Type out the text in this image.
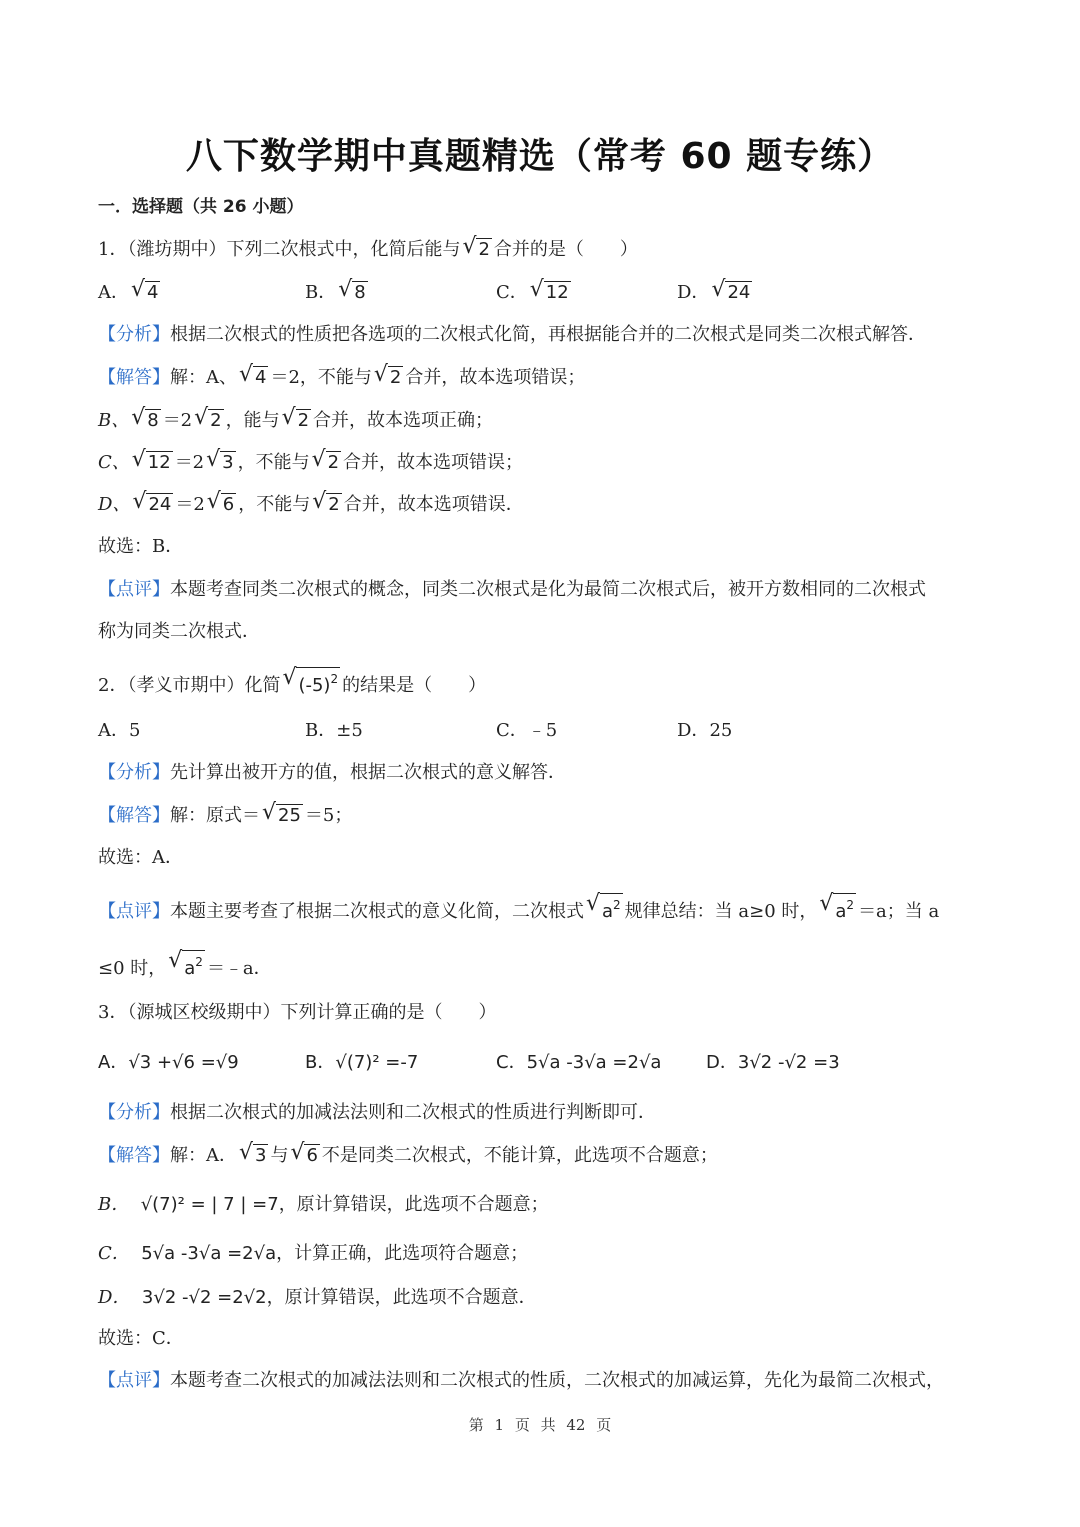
八下数学期中真题精选（常考 60 题专练）
一．选择题（共 26 小题）
1．（潍坊期中）下列二次根式中，化简后能与 √ 2 合并的是（　　）
A． √ 4	B． √ 8	C． √ 12	D． √ 24
【分析】根据二次根式的性质把各选项的二次根式化简，再根据能合并的二次根式是同类二次根式解答．
【解答】解：A、 √ 4 ＝2，不能与 √ 2 合并，故本选项错误；
B、 √ 8 ＝2 √ 2 ，能与 √ 2 合并，故本选项正确；
C、 √ 12 ＝2 √ 3 ，不能与 √ 2 合并，故本选项错误；
D、 √ 24 ＝2 √ 6 ，不能与 √ 2 合并，故本选项错误．
故选：B．
【点评】本题考查同类二次根式的概念，同类二次根式是化为最简二次根式后，被开方数相同的二次根式
称为同类二次根式．
2．（孝义市期中）化简 √ $(-5)^2$ 的结果是（　　）
A．5	B．±5	C．﹣5	D．25
【分析】先计算出被开方的值，根据二次根式的意义解答．
【解答】解：原式＝ √ 25 ＝5；
故选：A．
【点评】本题主要考查了根据二次根式的意义化简，二次根式 √ $a^2$ 规律总结：当 a≥0 时， √ $a^2 =a$；当 a
≤0 时， √ $a^2$ ＝﹣a．
3．（源城区校级期中）下列计算正确的是（　　）
A．√3 +√6 =√9	B．√(7)² =-7	C．5√a -3√a =2√a D．3√2 -√2 =3
【分析】根据二次根式的加减法法则和二次根式的性质进行判断即可．
【解答】解：A． √ 3 与 √ 6 不是同类二次根式，不能计算，此选项不合题意；
B． √(7)² = | 7 | =7，原计算错误，此选项不合题意；
C． 5√a -3√a =2√a，计算正确，此选项符合题意；
D． 3√2 -√2 =2√2，原计算错误，此选项不合题意．
故选：C．
【点评】本题考查二次根式的加减法法则和二次根式的性质，二次根式的加减运算，先化为最简二次根式，
第 1 页 共 42 页
